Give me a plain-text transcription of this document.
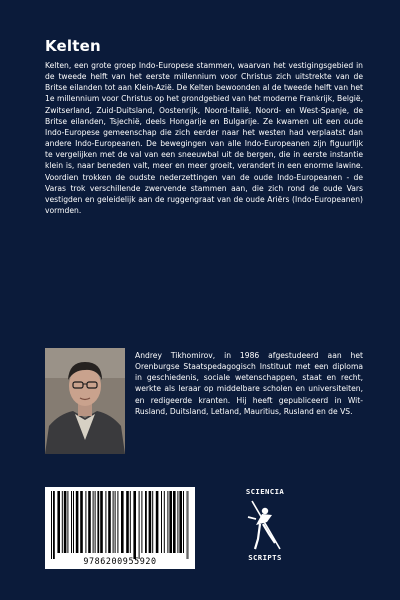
Kelten
Kelten, een grote groep Indo-Europese stammen, waarvan het vestigingsgebied in de tweede helft van het eerste millennium voor Christus zich uitstrekte van de Britse eilanden tot aan Klein-Azië. De Kelten bewoonden al de tweede helft van het 1e millennium voor Christus op het grondgebied van het moderne Frankrijk, België, Zwitserland, Zuid-Duitsland, Oostenrijk, Noord-Italië, Noord- en West-Spanje, de Britse eilanden, Tsjechië, deels Hongarije en Bulgarije. Ze kwamen uit een oude Indo-Europese gemeenschap die zich eerder naar het westen had verplaatst dan andere Indo-Europeanen. De bewegingen van alle Indo-Europeanen zijn figuurlijk te vergelijken met de val van een sneeuwbal uit de bergen, die in eerste instantie klein is, naar beneden valt, meer en meer groeit, verandert in een enorme lawine. Voordien trokken de oudste nederzettingen van de oude Indo-Europeanen - de Varas trok verschillende zwervende stammen aan, die zich rond de oude Vars vestigden en geleidelijk aan de ruggengraat van de oude Ariërs (Indo-Europeanen) vormden.
Andrey Tikhomirov, in 1986 afgestudeerd aan het Orenburgse Staatspedagogisch Instituut met een diploma in geschiedenis, sociale wetenschappen, staat en recht, werkte als leraar op middelbare scholen en universiteiten, en redigeerde kranten. Hij heeft gepubliceerd in Wit-Rusland, Duitsland, Letland, Mauritius, Rusland en de VS.
9786200955920
SCIENCIA
SCRIPTS
